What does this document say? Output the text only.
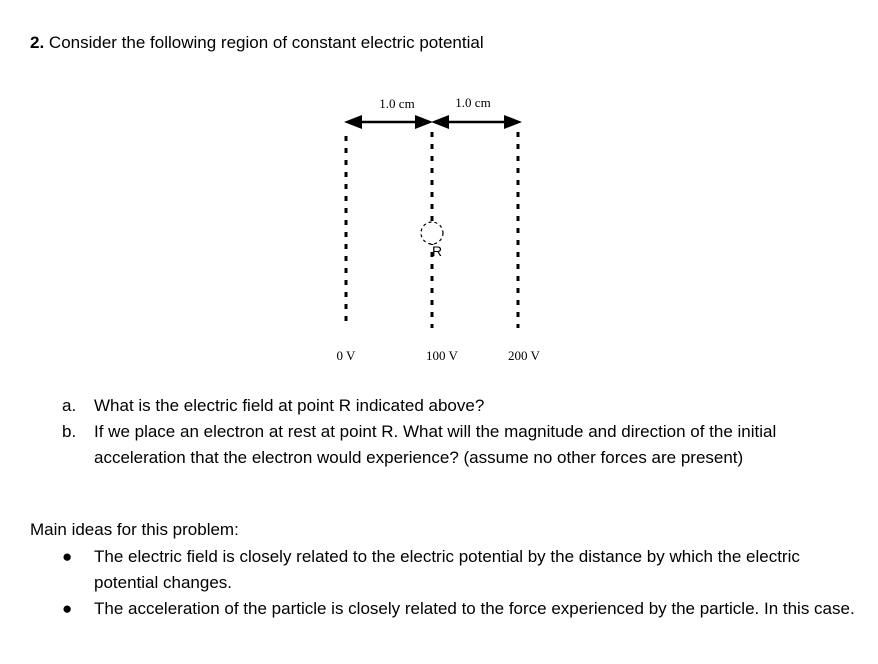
2. Consider the following region of constant electric potential
1.0 cm	1.0 cm
R
0 V	100 V	200 V
a. What is the electric field at point R indicated above?
b. If we place an electron at rest at point R. What will the magnitude and direction of the initial acceleration that the electron would experience? (assume no other forces are present)
Main ideas for this problem:
● The electric field is closely related to the electric potential by the distance by which the electric potential changes.
● The acceleration of the particle is closely related to the force experienced by the particle. In this case.
